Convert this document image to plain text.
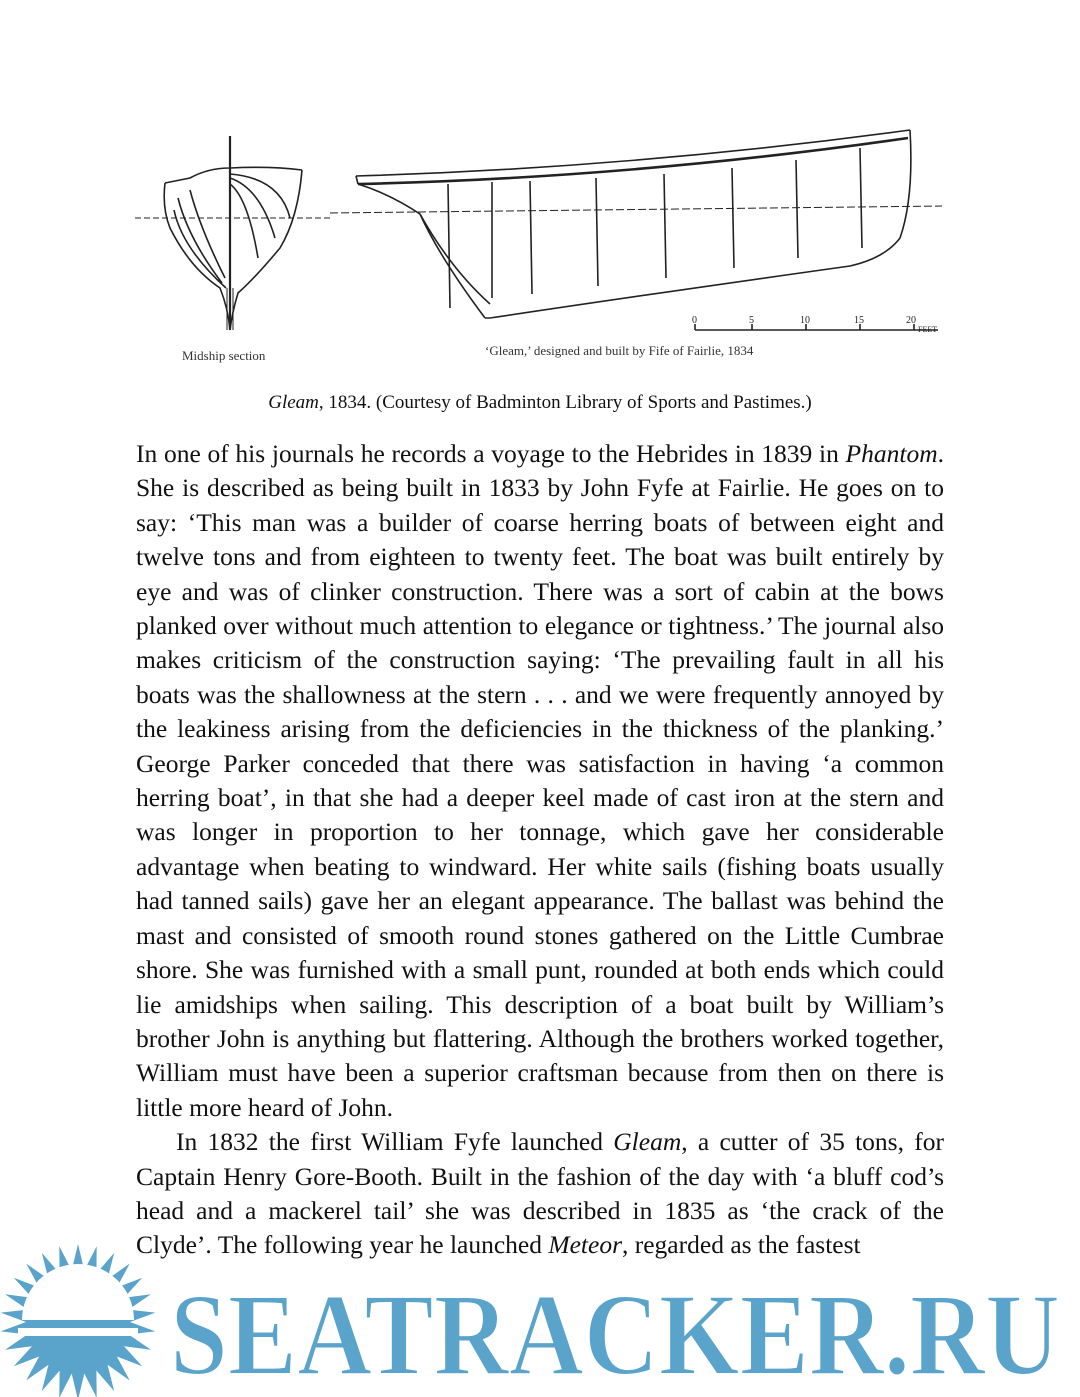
0	5	10	15	20
FEET
Midship section	‘Gleam,’ designed and built by Fife of Fairlie, 1834
Gleam, 1834. (Courtesy of Badminton Library of Sports and Pastimes.)

In one of his journals he records a voyage to the Hebrides in 1839 in Phantom. She is described as being built in 1833 by John Fyfe at Fairlie. He goes on to say: ‘This man was a builder of coarse herring boats of between eight and twelve tons and from eighteen to twenty feet. The boat was built entirely by eye and was of clinker construction. There was a sort of cabin at the bows planked over without much attention to elegance or tightness.’ The journal also makes criticism of the construction saying: ‘The prevailing fault in all his boats was the shallowness at the stern . . . and we were frequently annoyed by the leakiness arising from the deficiencies in the thickness of the planking.’ George Parker conceded that there was satisfaction in having ‘a common herring boat’, in that she had a deeper keel made of cast iron at the stern and was longer in proportion to her tonnage, which gave her considerable advantage when beating to windward. Her white sails (fishing boats usually had tanned sails) gave her an elegant appearance. The ballast was behind the mast and consisted of smooth round stones gathered on the Little Cumbrae shore. She was furnished with a small punt, rounded at both ends which could lie amidships when sailing. This description of a boat built by William’s brother John is anything but flattering. Although the brothers worked together, William must have been a superior craftsman because from then on there is little more heard of John.

In 1832 the first William Fyfe launched Gleam, a cutter of 35 tons, for Captain Henry Gore-Booth. Built in the fashion of the day with ‘a bluff cod’s head and a mackerel tail’ she was described in 1835 as ‘the crack of the Clyde’. The following year he launched Meteor, regarded as the fastest

SEATRACKER.RU
